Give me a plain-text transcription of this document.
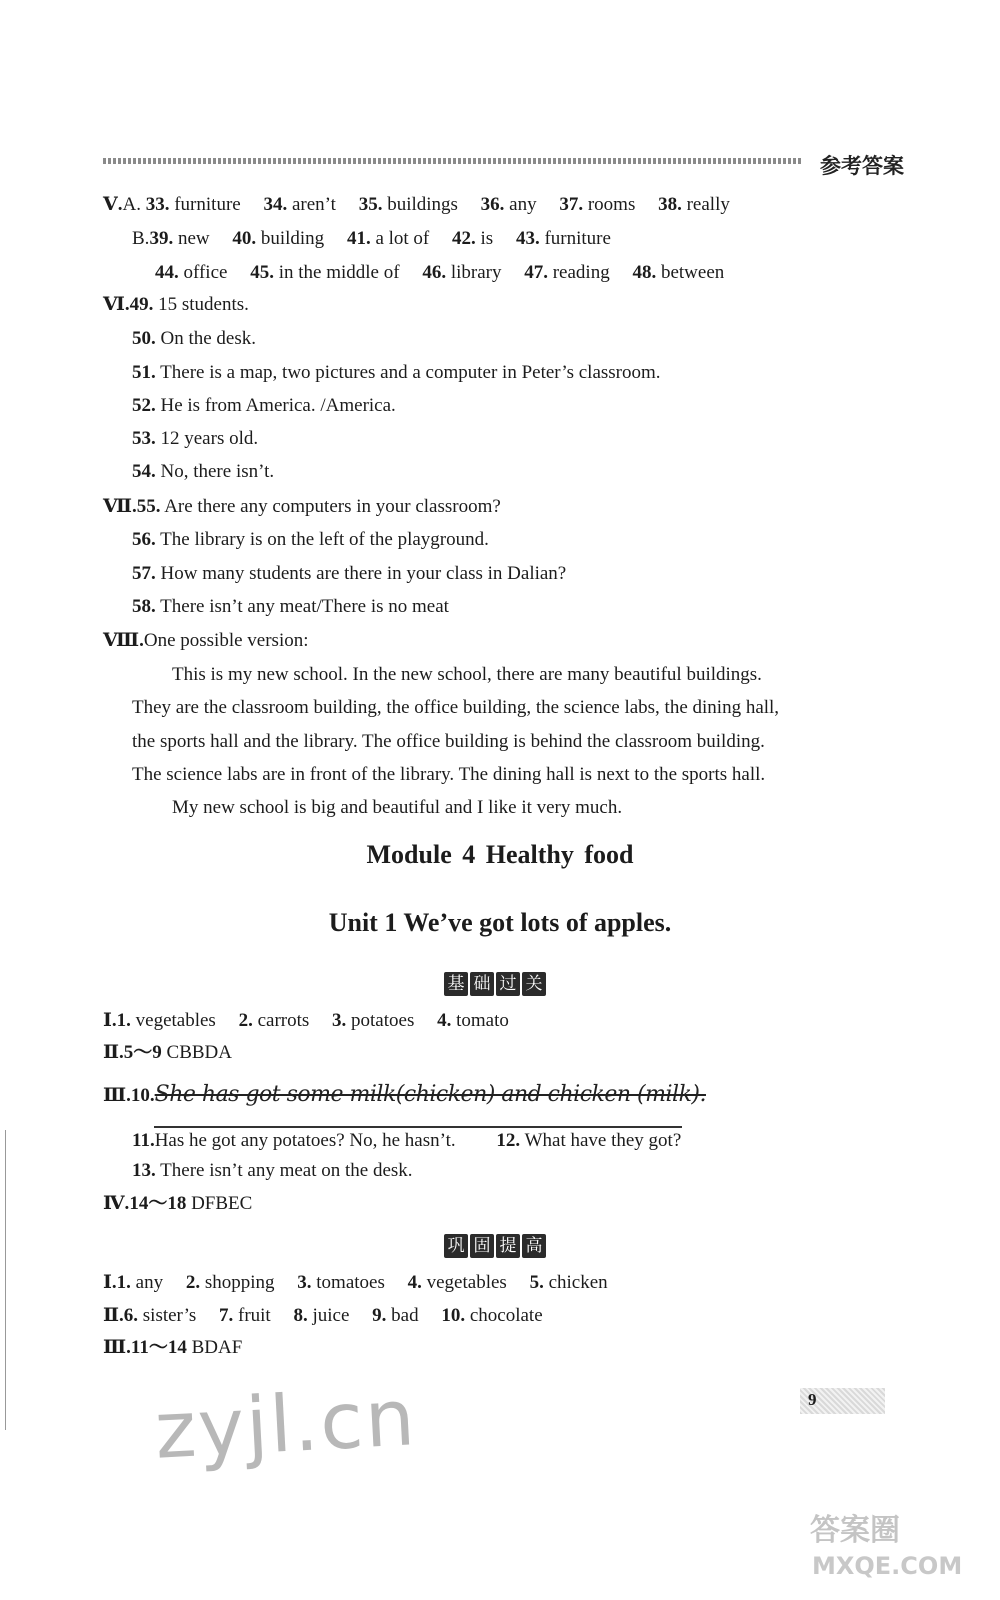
参考答案
Ⅴ.A. 33. furniture 34. aren’t 35. buildings 36. any 37. rooms 38. really
B.39. new 40. building 41. a lot of 42. is 43. furniture
44. office 45. in the middle of 46. library 47. reading 48. between
Ⅵ.49. 15 students.
50. On the desk.
51. There is a map, two pictures and a computer in Peter’s classroom.
52. He is from America. /America.
53. 12 years old.
54. No, there isn’t.
Ⅶ.55. Are there any computers in your classroom?
56. The library is on the left of the playground.
57. How many students are there in your class in Dalian?
58. There isn’t any meat/There is no meat
Ⅷ.One possible version:
This is my new school. In the new school, there are many beautiful buildings.
They are the classroom building, the office building, the science labs, the dining hall,
the sports hall and the library. The office building is behind the classroom building.
The science labs are in front of the library. The dining hall is next to the sports hall.
My new school is big and beautiful and I like it very much.
Module 4 Healthy food
Unit 1 We’ve got lots of apples.
基 础 过 关
Ⅰ.1. vegetables 2. carrots 3. potatoes 4. tomato
Ⅱ.5～9 CBBDA
Ⅲ.10.She has got some milk(chicken) and chicken (milk).
11.Has he got any potatoes? No, he hasn’t. 12. What have they got?
13. There isn’t any meat on the desk.
Ⅳ.14～18 DFBEC
巩 固 提 高
Ⅰ.1. any 2. shopping 3. tomatoes 4. vegetables 5. chicken
Ⅱ.6. sister’s 7. fruit 8. juice 9. bad 10. chocolate
Ⅲ.11～14 BDAF
9
zyjl.cn
答案圈
MXQE.COM
